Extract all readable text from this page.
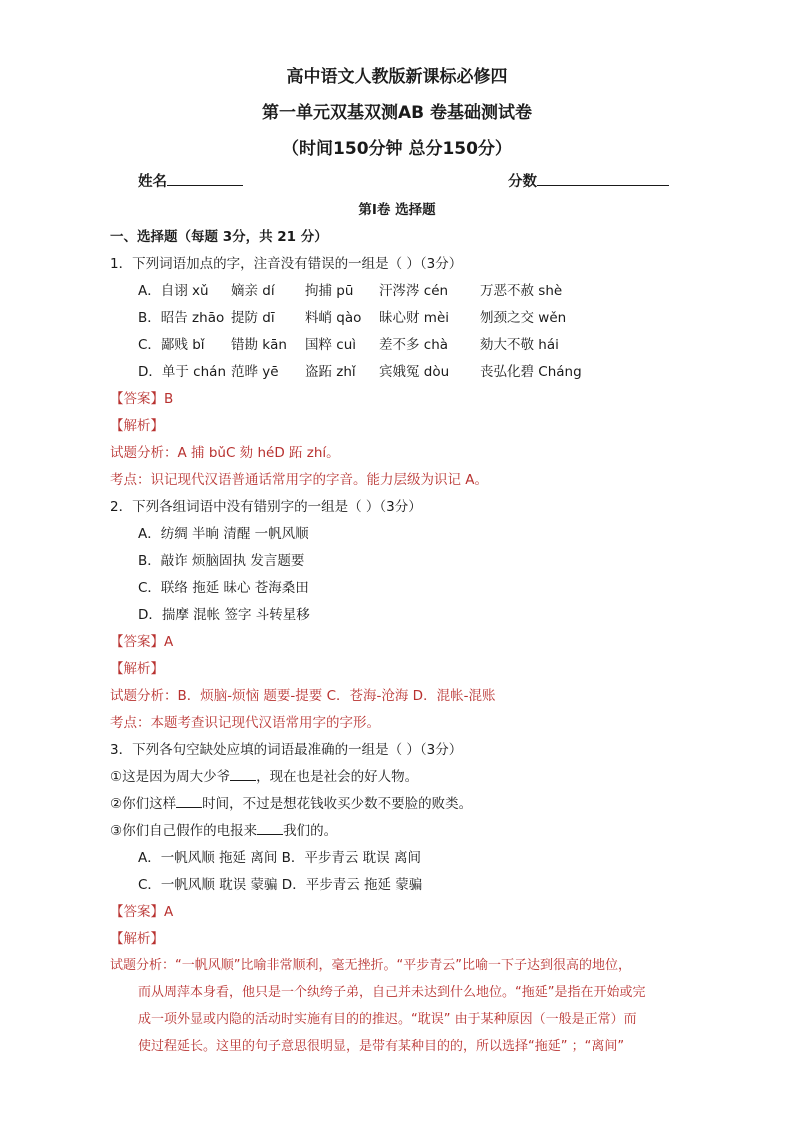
高中语文人教版新课标必修四
第一单元双基双测AB 卷基础测试卷
（时间150分钟 总分150分）
姓名	分数
第Ⅰ卷 选择题
一、选择题（每题 3分，共 21 分）
1．下列词语加点的字，注音没有错误的一组是（ ）（3分）
A．自诩 xǔ 嫡亲 dí 拘捕 pū 汗涔涔 cén 万恶不赦 shè
B．昭告 zhāo 提防 dī 料峭 qào 昧心财 mèi 刎颈之交 wěn
C．鄙贱 bǐ 错勘 kān 国粹 cuì 差不多 chà 劾大不敬 hái
D．单于 chán 范晔 yē 盗跖 zhǐ 宾娥冤 dòu 丧弘化碧 Cháng
【答案】B
【解析】
试题分析：A 捕 bǔC 劾 héD 跖 zhí。
考点：识记现代汉语普通话常用字的字音。能力层级为识记 A。
2．下列各组词语中没有错别字的一组是（ ）（3分）
A．纺绸 半晌 清醒 一帆风顺
B．敲诈 烦脑固执 发言题要
C．联络 拖延 昧心 苍海桑田
D．揣摩 混帐 签字 斗转星移
【答案】A
【解析】
试题分析：B．烦脑-烦恼 题要-提要 C．苍海-沧海 D．混帐-混账
考点：本题考查识记现代汉语常用字的字形。
3．下列各句空缺处应填的词语最准确的一组是（ ）（3分）
①这是因为周大少爷 ，现在也是社会的好人物。
②你们这样 时间，不过是想花钱收买少数不要脸的败类。
③你们自己假作的电报来 我们的。
A．一帆风顺 拖延 离间 B．平步青云 耽误 离间
C．一帆风顺 耽误 蒙骗 D．平步青云 拖延 蒙骗
【答案】A
【解析】
试题分析：“一帆风顺”比喻非常顺利，毫无挫折。“平步青云”比喻一下子达到很高的地位，
而从周萍本身看，他只是一个纨绔子弟，自己并未达到什么地位。“拖延”是指在开始或完
成一项外显或内隐的活动时实施有目的的推迟。“耽误” 由于某种原因（一般是正常）而
使过程延长。这里的句子意思很明显，是带有某种目的的，所以选择“拖延” ；“离间”
